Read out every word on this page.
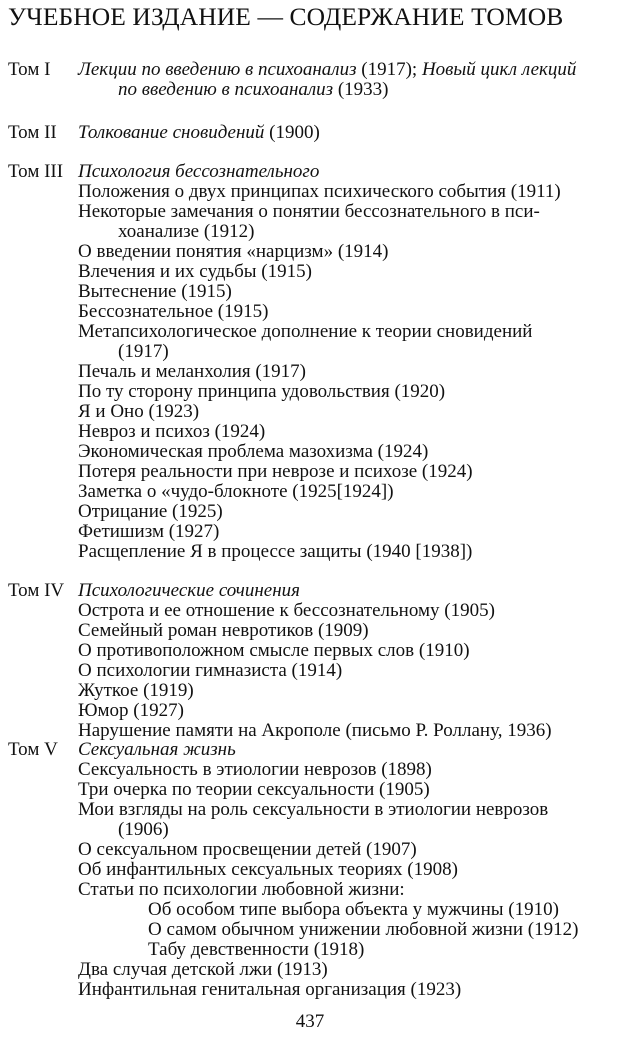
УЧЕБНОЕ ИЗДАНИЕ — СОДЕРЖАНИЕ ТОМОВ
Том I Лекции по введению в психоанализ (1917); Новый цикл лекций
по введению в психоанализ (1933)
Том II Толкование сновидений (1900)
Том III Психология бессознательного
Положения о двух принципах психического события (1911)
Некоторые замечания о понятии бессознательного в пси-
хоанализе (1912)
О введении понятия «нарцизм» (1914)
Влечения и их судьбы (1915)
Вытеснение (1915)
Бессознательное (1915)
Метапсихологическое дополнение к теории сновидений
(1917)
Печаль и меланхолия (1917)
По ту сторону принципа удовольствия (1920)
Я и Оно (1923)
Невроз и психоз (1924)
Экономическая проблема мазохизма (1924)
Потеря реальности при неврозе и психозе (1924)
Заметка о «чудо-блокноте (1925[1924])
Отрицание (1925)
Фетишизм (1927)
Расщепление Я в процессе защиты (1940 [1938])
Том IV Психологические сочинения
Острота и ее отношение к бессознательному (1905)
Семейный роман невротиков (1909)
О противоположном смысле первых слов (1910)
О психологии гимназиста (1914)
Жуткое (1919)
Юмор (1927)
Нарушение памяти на Акрополе (письмо Р. Роллану, 1936)
Том V Сексуальная жизнь
Сексуальность в этиологии неврозов (1898)
Три очерка по теории сексуальности (1905)
Мои взгляды на роль сексуальности в этиологии неврозов
(1906)
О сексуальном просвещении детей (1907)
Об инфантильных сексуальных теориях (1908)
Статьи по психологии любовной жизни:
Об особом типе выбора объекта у мужчины (1910)
О самом обычном унижении любовной жизни (1912)
Табу девственности (1918)
Два случая детской лжи (1913)
Инфантильная генитальная организация (1923)
437
